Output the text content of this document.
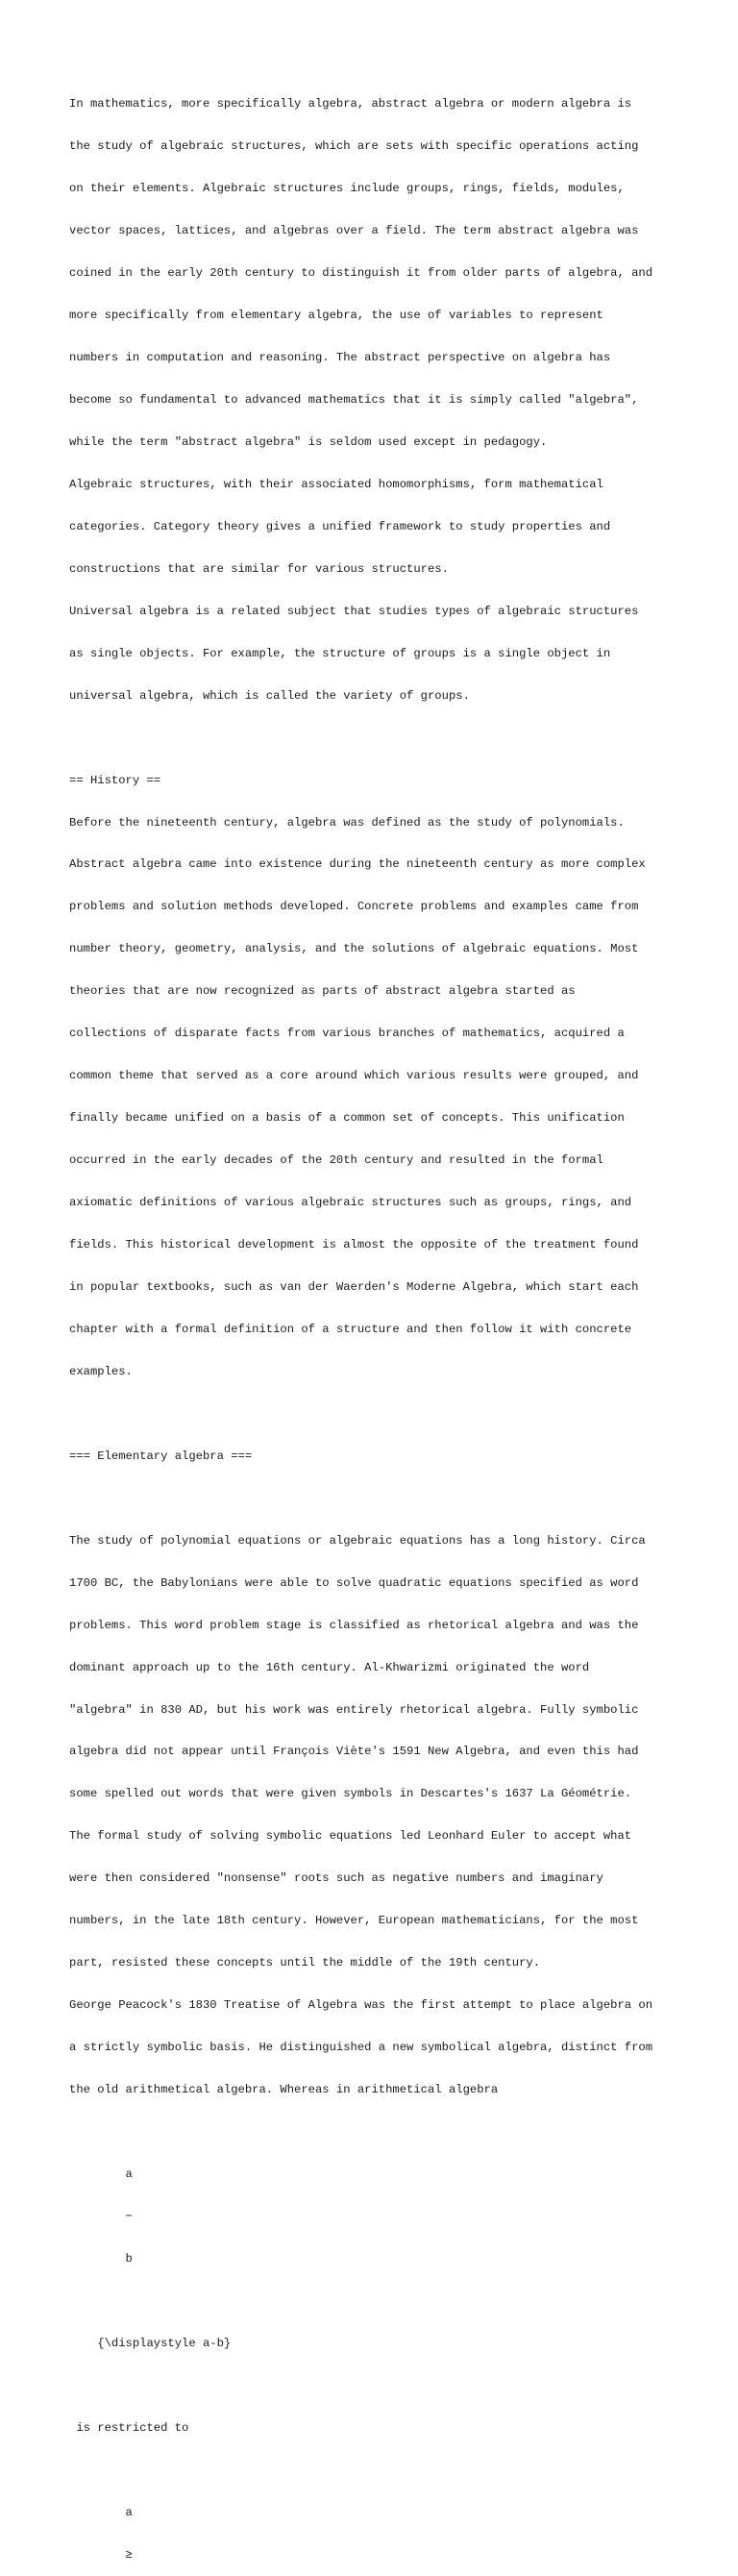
In mathematics, more specifically algebra, abstract algebra or modern algebra is

the study of algebraic structures, which are sets with specific operations acting

on their elements. Algebraic structures include groups, rings, fields, modules,

vector spaces, lattices, and algebras over a field. The term abstract algebra was

coined in the early 20th century to distinguish it from older parts of algebra, and

more specifically from elementary algebra, the use of variables to represent

numbers in computation and reasoning. The abstract perspective on algebra has

become so fundamental to advanced mathematics that it is simply called "algebra",

while the term "abstract algebra" is seldom used except in pedagogy.

Algebraic structures, with their associated homomorphisms, form mathematical

categories. Category theory gives a unified framework to study properties and

constructions that are similar for various structures.

Universal algebra is a related subject that studies types of algebraic structures

as single objects. For example, the structure of groups is a single object in

universal algebra, which is called the variety of groups.

== History ==

Before the nineteenth century, algebra was defined as the study of polynomials.

Abstract algebra came into existence during the nineteenth century as more complex

problems and solution methods developed. Concrete problems and examples came from

number theory, geometry, analysis, and the solutions of algebraic equations. Most

theories that are now recognized as parts of abstract algebra started as

collections of disparate facts from various branches of mathematics, acquired a

common theme that served as a core around which various results were grouped, and

finally became unified on a basis of a common set of concepts. This unification

occurred in the early decades of the 20th century and resulted in the formal

axiomatic definitions of various algebraic structures such as groups, rings, and

fields. This historical development is almost the opposite of the treatment found

in popular textbooks, such as van der Waerden's Moderne Algebra, which start each

chapter with a formal definition of a structure and then follow it with concrete

examples.

=== Elementary algebra ===

The study of polynomial equations or algebraic equations has a long history. Circa

1700 BC, the Babylonians were able to solve quadratic equations specified as word

problems. This word problem stage is classified as rhetorical algebra and was the

dominant approach up to the 16th century. Al-Khwarizmi originated the word

"algebra" in 830 AD, but his work was entirely rhetorical algebra. Fully symbolic

algebra did not appear until François Viète's 1591 New Algebra, and even this had

some spelled out words that were given symbols in Descartes's 1637 La Géométrie.

The formal study of solving symbolic equations led Leonhard Euler to accept what

were then considered "nonsense" roots such as negative numbers and imaginary

numbers, in the late 18th century. However, European mathematicians, for the most

part, resisted these concepts until the middle of the 19th century.

George Peacock's 1830 Treatise of Algebra was the first attempt to place algebra on

a strictly symbolic basis. He distinguished a new symbolical algebra, distinct from

the old arithmetical algebra. Whereas in arithmetical algebra

a

−

b

{\displaystyle a-b}

is restricted to

a

≥
